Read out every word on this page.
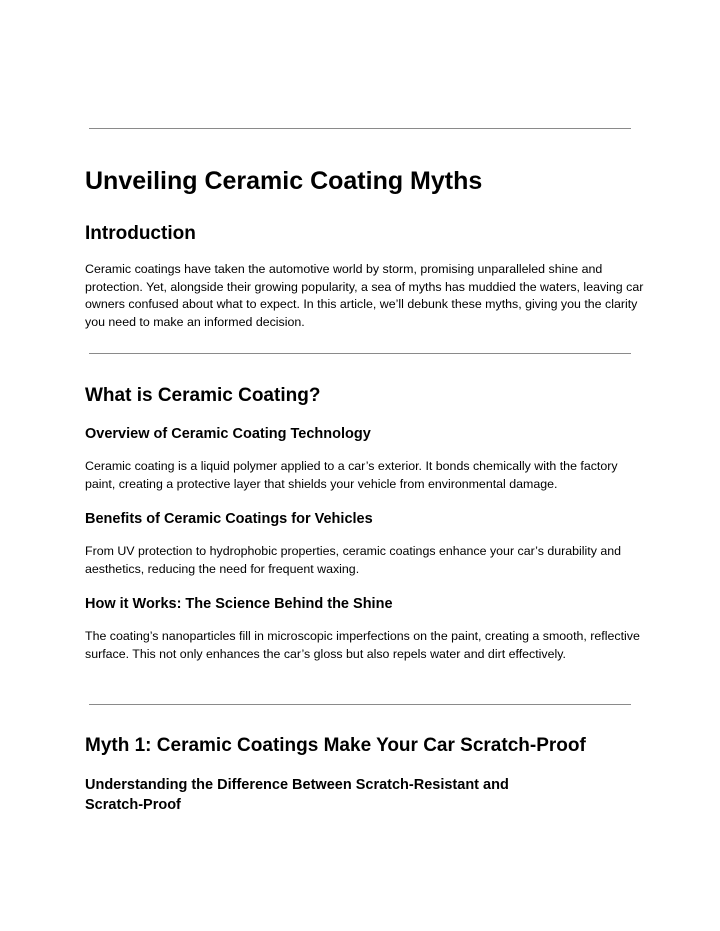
Unveiling Ceramic Coating Myths
Introduction

Ceramic coatings have taken the automotive world by storm, promising unparalleled shine and protection. Yet, alongside their growing popularity, a sea of myths has muddied the waters, leaving car owners confused about what to expect. In this article, we’ll debunk these myths, giving you the clarity you need to make an informed decision.

What is Ceramic Coating?
Overview of Ceramic Coating Technology

Ceramic coating is a liquid polymer applied to a car’s exterior. It bonds chemically with the factory paint, creating a protective layer that shields your vehicle from environmental damage.

Benefits of Ceramic Coatings for Vehicles

From UV protection to hydrophobic properties, ceramic coatings enhance your car’s durability and aesthetics, reducing the need for frequent waxing.

How it Works: The Science Behind the Shine

The coating’s nanoparticles fill in microscopic imperfections on the paint, creating a smooth, reflective surface. This not only enhances the car’s gloss but also repels water and dirt effectively.

Myth 1: Ceramic Coatings Make Your Car Scratch-Proof
Understanding the Difference Between Scratch-Resistant and
Scratch-Proof
